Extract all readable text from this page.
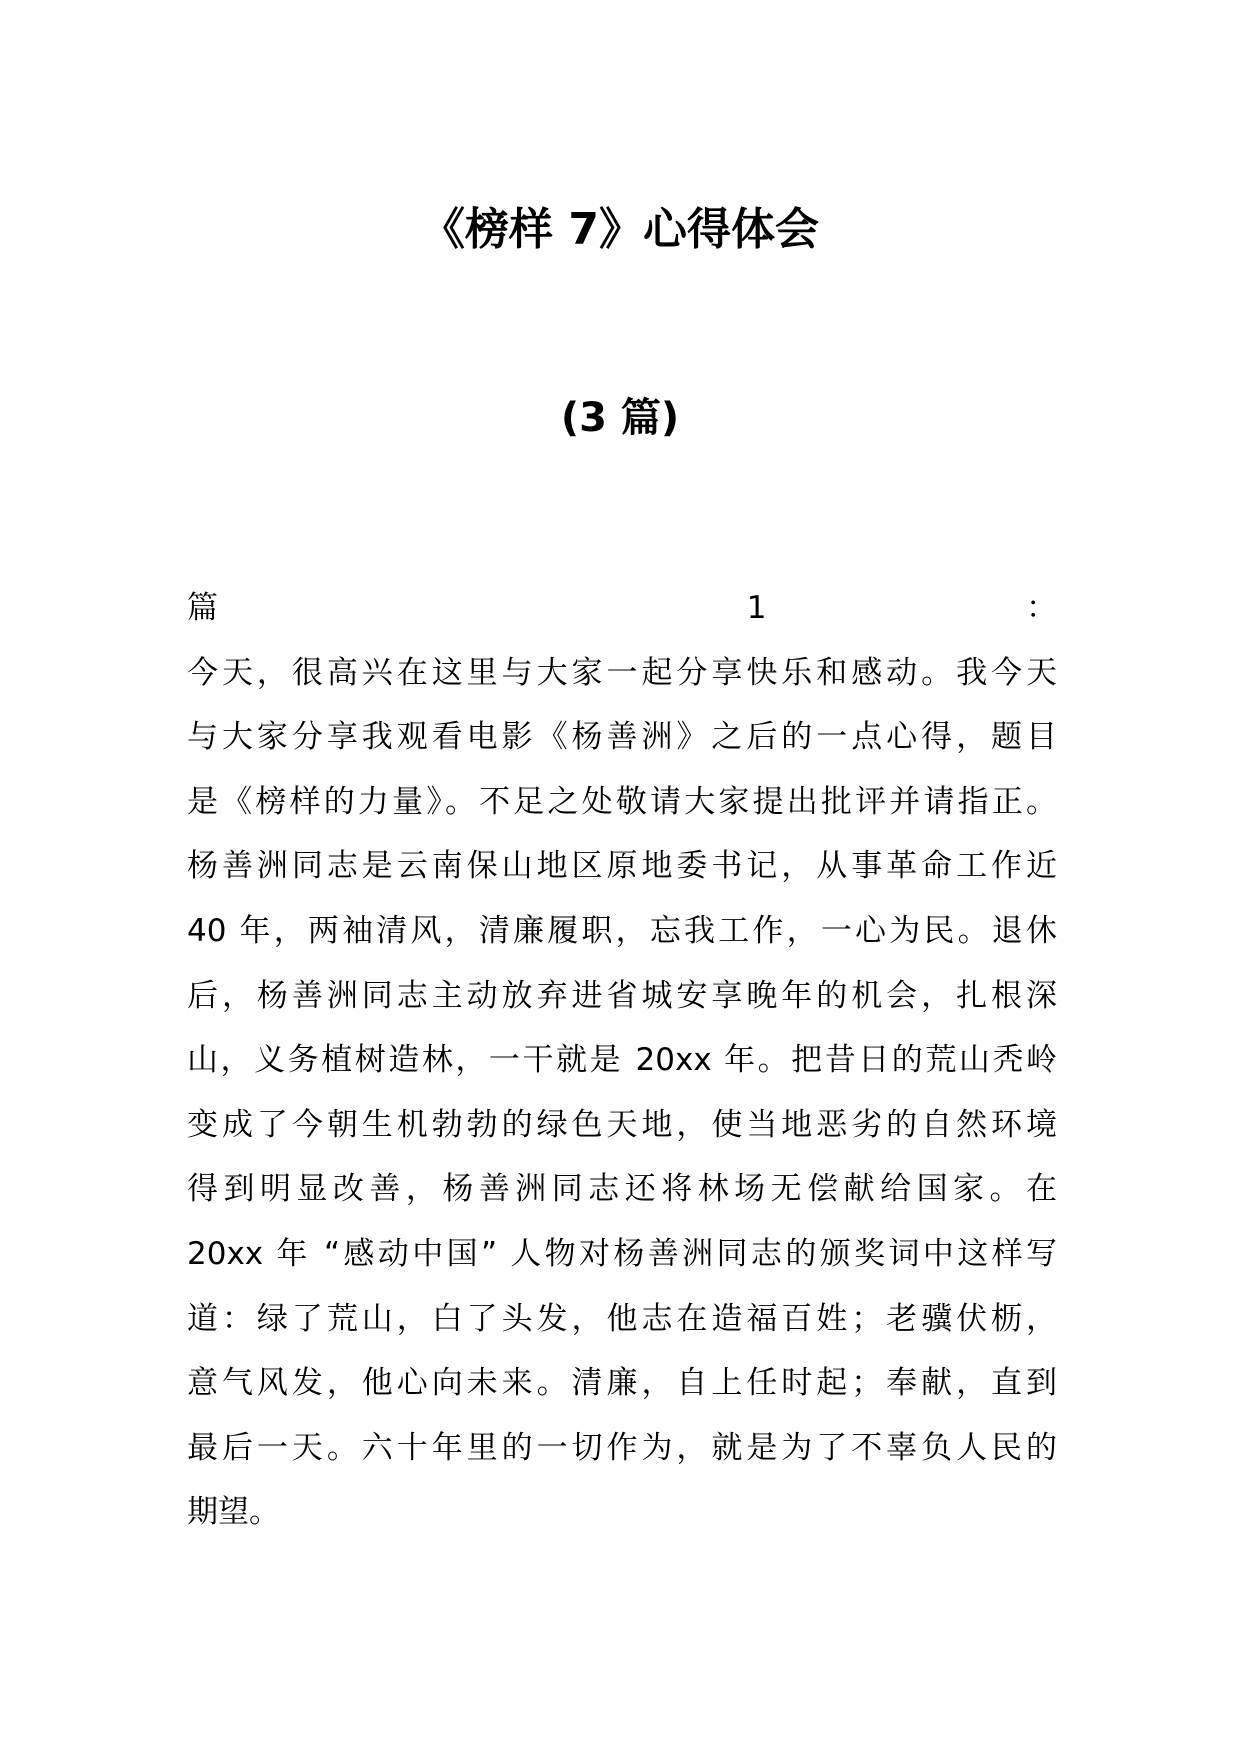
《榜样 7》心得体会
(3 篇)
篇 1：
今天，很高兴在这里与大家一起分享快乐和感动。我今天
与大家分享我观看电影《杨善洲》之后的一点心得，题目
是《榜样的力量》。不足之处敬请大家提出批评并请指正。
杨善洲同志是云南保山地区原地委书记，从事革命工作近
40 年，两袖清风，清廉履职，忘我工作，一心为民。退休
后，杨善洲同志主动放弃进省城安享晚年的机会，扎根深
山，义务植树造林，一干就是 20xx 年。把昔日的荒山秃岭
变成了今朝生机勃勃的绿色天地，使当地恶劣的自然环境
得到明显改善，杨善洲同志还将林场无偿献给国家。在
20xx 年 “感动中国” 人物对杨善洲同志的颁奖词中这样写
道：绿了荒山，白了头发，他志在造福百姓；老骥伏枥，
意气风发，他心向未来。清廉，自上任时起；奉献，直到
最后一天。六十年里的一切作为，就是为了不辜负人民的
期望。
